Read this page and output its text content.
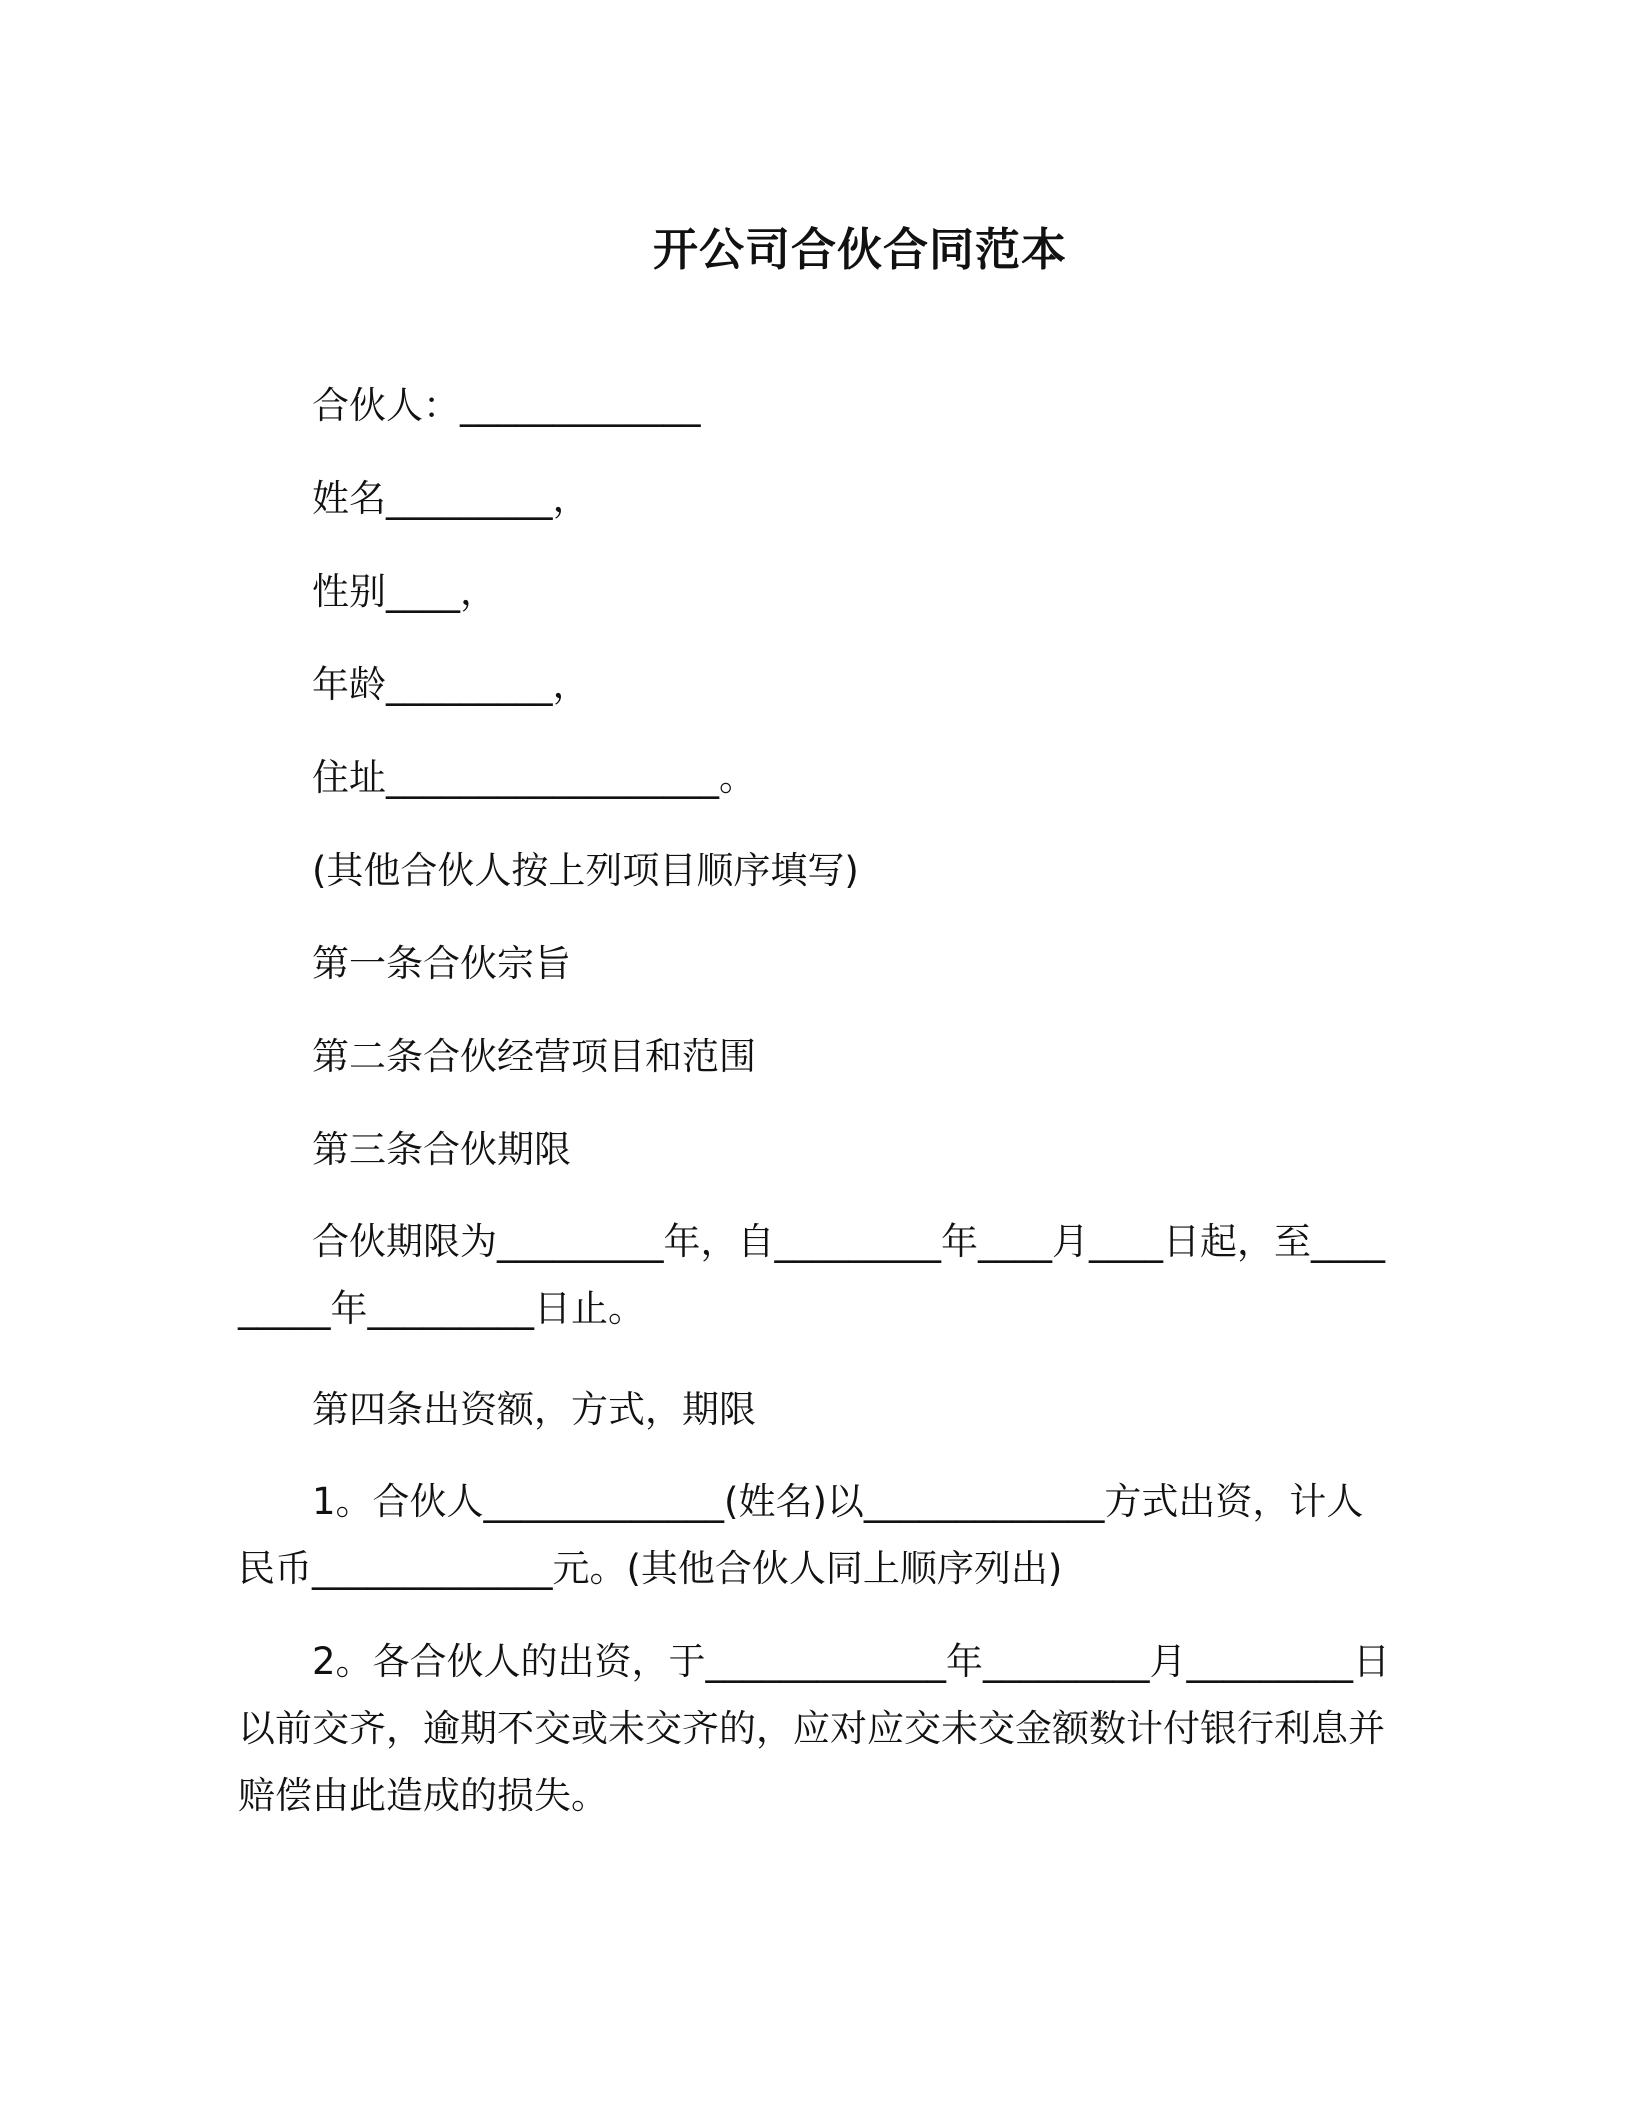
开公司合伙合同范本

合伙人：_____________

姓名_________，

性别____，

年龄_________，

住址__________________。

(其他合伙人按上列项目顺序填写)

第一条合伙宗旨

第二条合伙经营项目和范围

第三条合伙期限

合伙期限为_________年，自_________年____月____日起，至_________年_________日止。

第四条出资额，方式，期限

1。合伙人_____________(姓名)以_____________方式出资，计人民币_____________元。(其他合伙人同上顺序列出)

2。各合伙人的出资，于_____________年_________月_________日以前交齐，逾期不交或未交齐的，应对应交未交金额数计付银行利息并赔偿由此造成的损失。
